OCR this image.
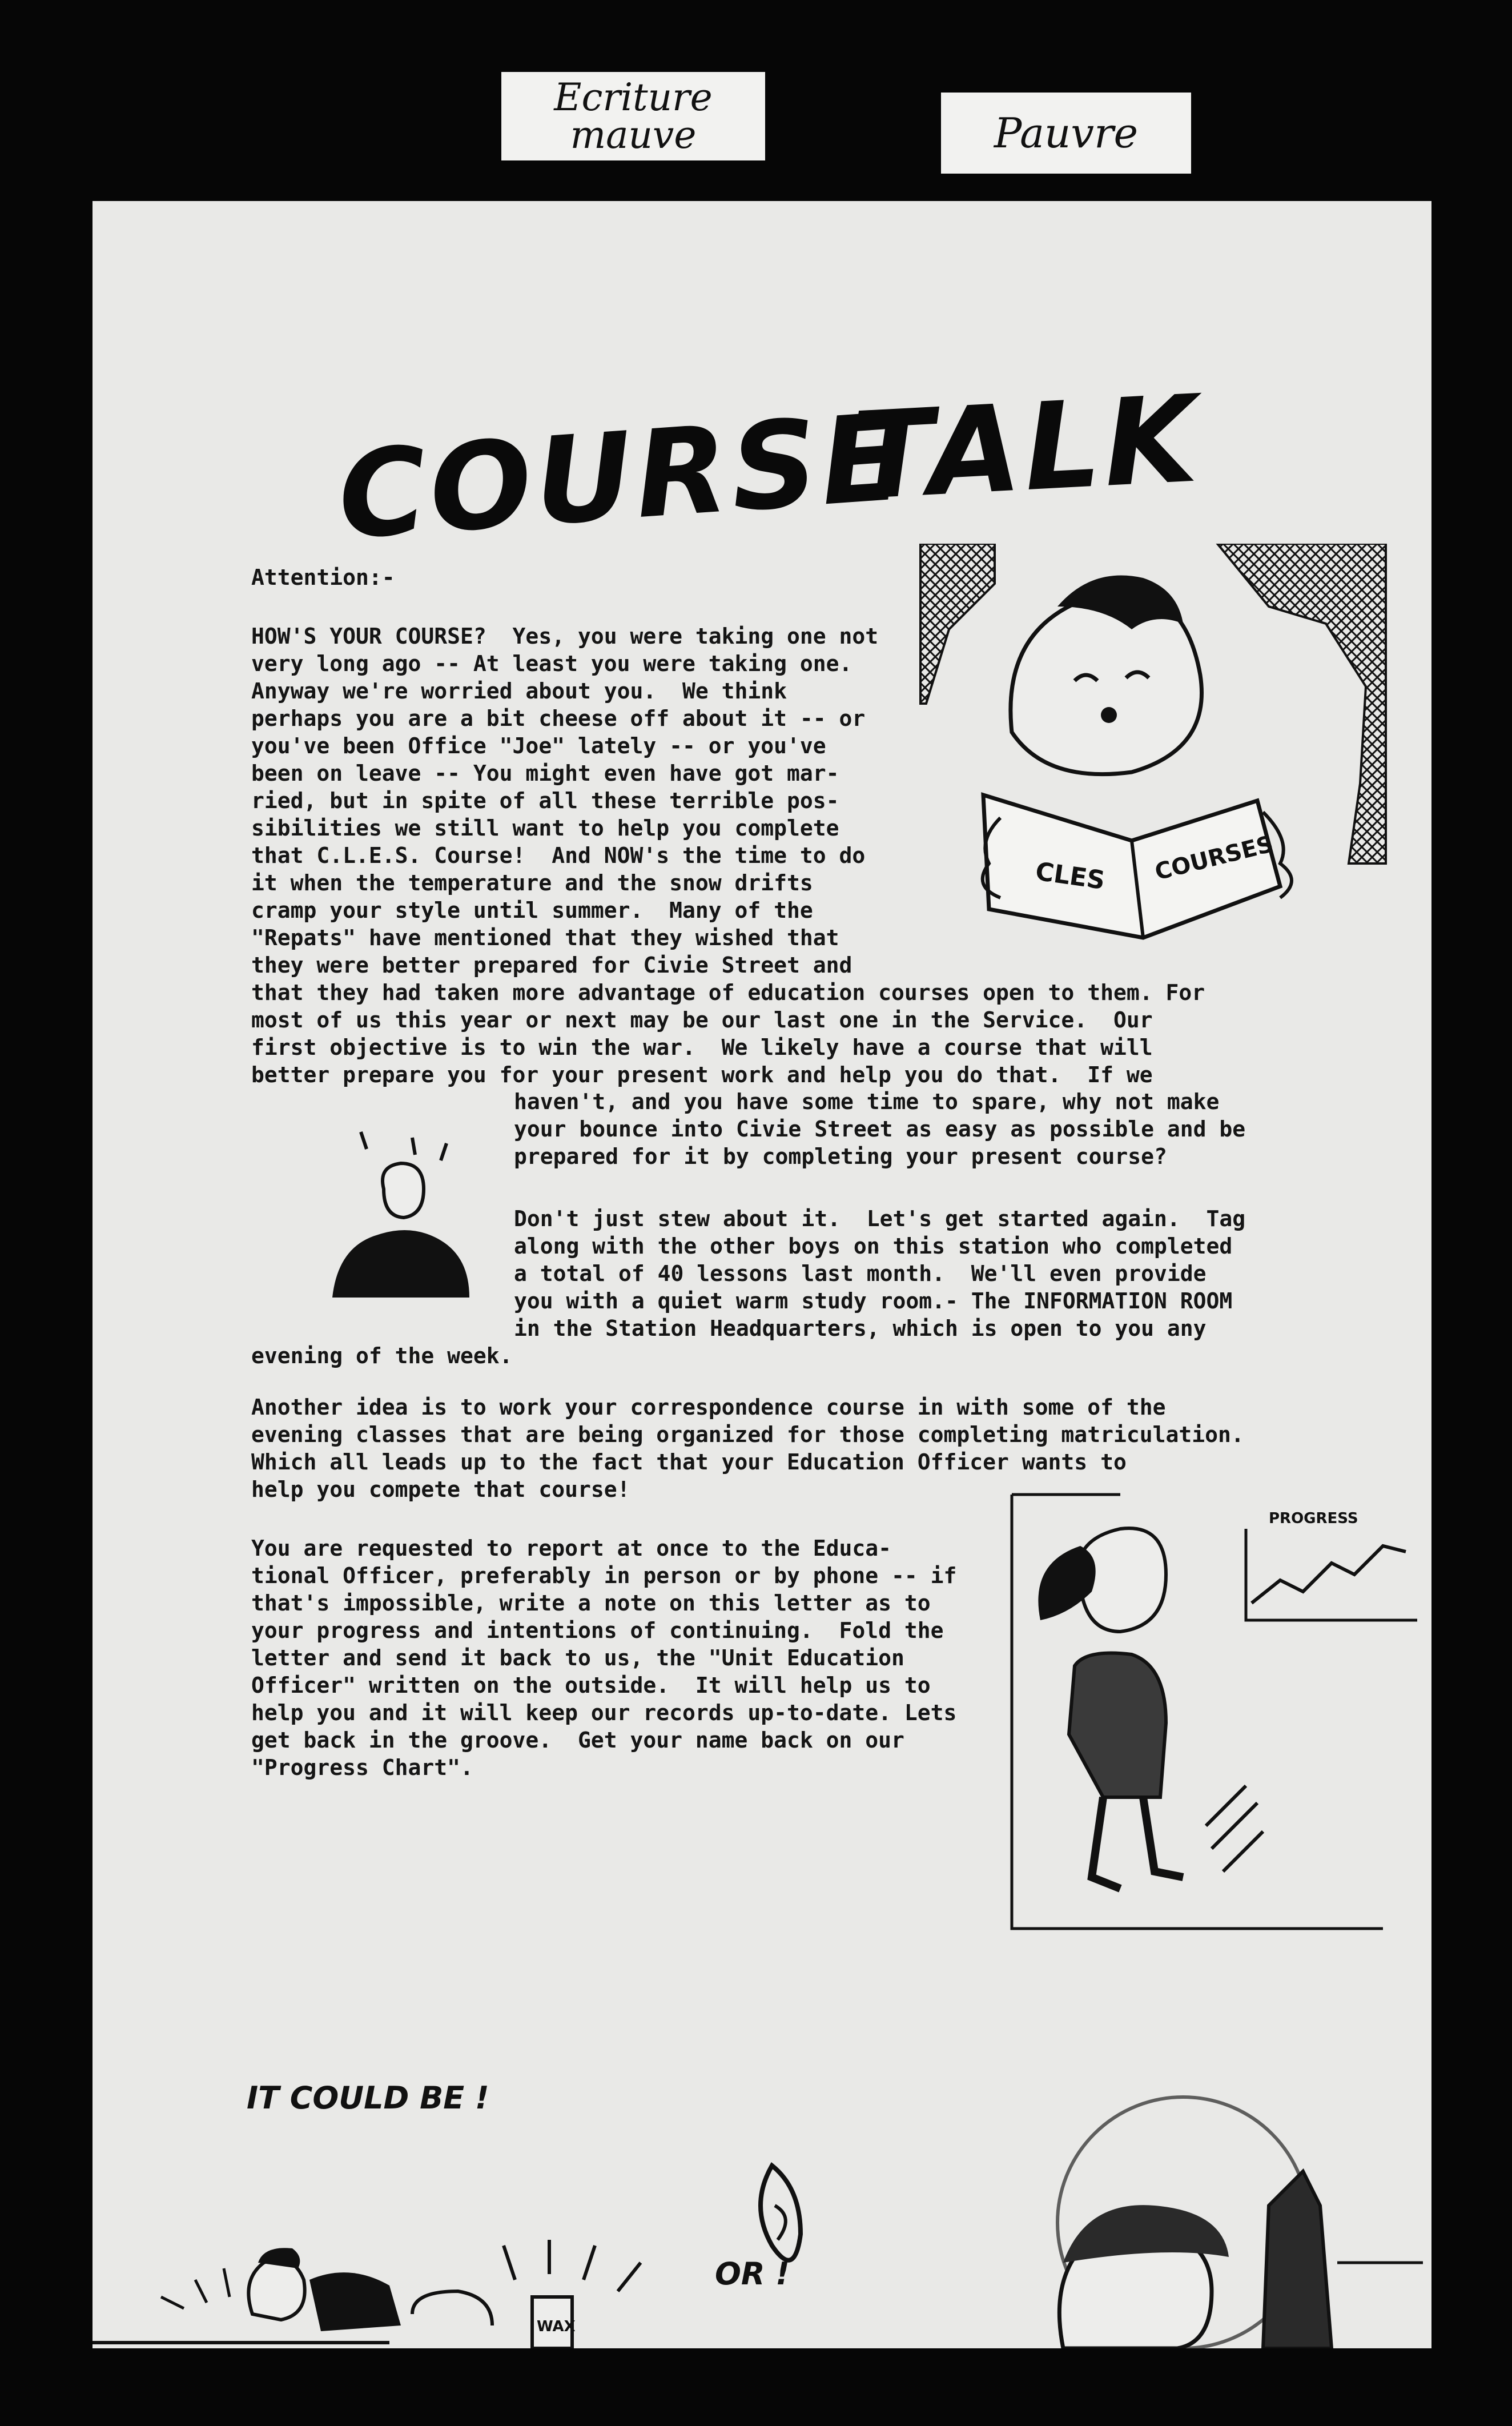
Ecriture
mauve	Pauvre
COURSE
TALK
Attention:-
HOW'S YOUR COURSE?  Yes, you were taking one not
very long ago -- At least you were taking one.
Anyway we're worried about you.  We think
perhaps you are a bit cheese off about it -- or
you've been Office "Joe" lately -- or you've
been on leave -- You might even have got mar-
ried, but in spite of all these terrible pos-
sibilities we still want to help you complete
that C.L.E.S. Course!  And NOW's the time to do
it when the temperature and the snow drifts
cramp your style until summer.  Many of the
"Repats" have mentioned that they wished that
they were better prepared for Civie Street and
that they had taken more advantage of education courses open to them. For
most of us this year or next may be our last one in the Service.  Our
first objective is to win the war.  We likely have a course that will
better prepare you for your present work and help you do that.  If we
haven't, and you have some time to spare, why not make
your bounce into Civie Street as easy as possible and be
prepared for it by completing your present course?
Don't just stew about it.  Let's get started again.  Tag
along with the other boys on this station who completed
a total of 40 lessons last month.  We'll even provide
you with a quiet warm study room.- The INFORMATION ROOM
in the Station Headquarters, which is open to you any
evening of the week.
Another idea is to work your correspondence course in with some of the
evening classes that are being organized for those completing matriculation.
Which all leads up to the fact that your Education Officer wants to
help you compete that course!
You are requested to report at once to the Educa-
tional Officer, preferably in person or by phone -- if
that's impossible, write a note on this letter as to
your progress and intentions of continuing.  Fold the
letter and send it back to us, the "Unit Education
Officer" written on the outside.  It will help us to
help you and it will keep our records up-to-date. Lets
get back in the groove.  Get your name back on our
"Progress Chart".
CLES COURSES
PROGRESS
IT COULD BE !
OR !
WAX
